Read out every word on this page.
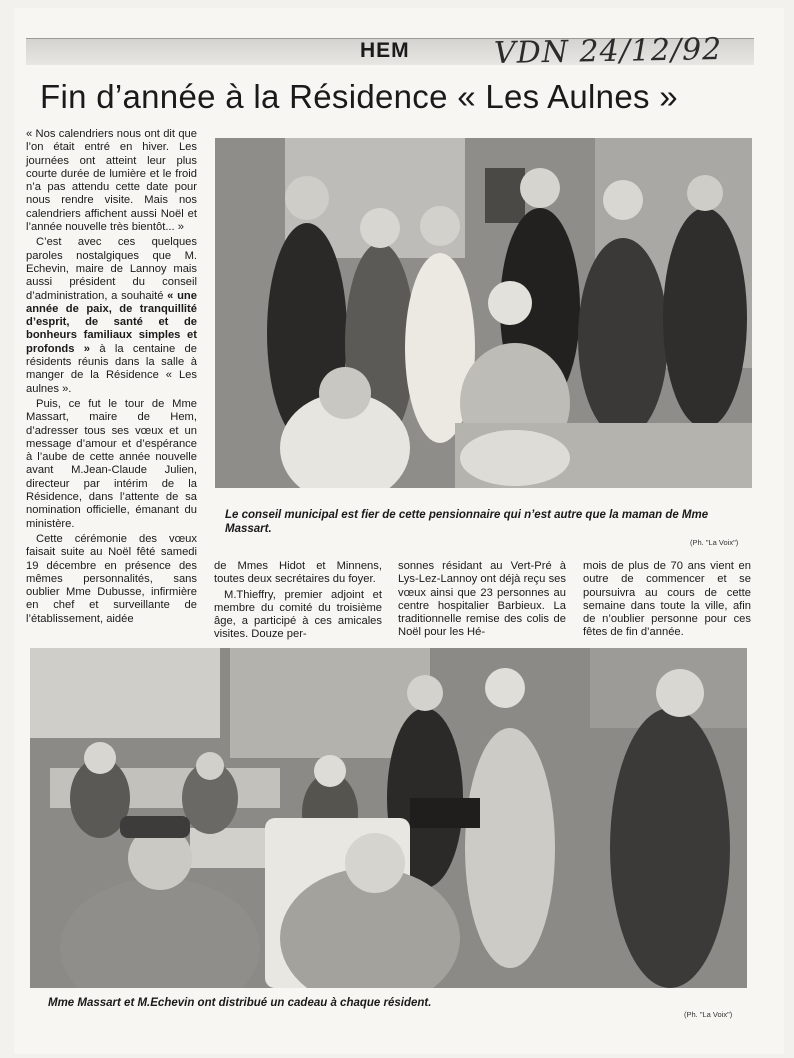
HEM	VDN 24/12/92
Fin d’année à la Résidence « Les Aulnes »

« Nos calendriers nous ont dit que l’on était entré en hiver. Les journées ont atteint leur plus courte durée de lumière et le froid n’a pas attendu cette date pour nous rendre visite. Mais nos calendriers affichent aussi Noël et l’année nouvelle très bientôt... »

C’est avec ces quelques paroles nostalgiques que M. Echevin, maire de Lannoy mais aussi président du conseil d’administration, a souhaité « une année de paix, de tranquillité d’esprit, de santé et de bonheurs familiaux simples et profonds » à la centaine de résidents réunis dans la salle à manger de la Résidence « Les aulnes ».

Puis, ce fut le tour de Mme Massart, maire de Hem, d’adresser tous ses vœux et un message d’amour et d’espérance à l’aube de cette année nouvelle avant M.Jean-Claude Julien, directeur par intérim de la Résidence, dans l’attente de sa nomination officielle, émanant du ministère.

Cette cérémonie des vœux faisait suite au Noël fêté samedi 19 décembre en présence des mêmes personnalités, sans oublier Mme Dubusse, infirmière en chef et surveillante de l’établissement, aidée

Le conseil municipal est fier de cette pensionnaire qui n’est autre que la maman de Mme Massart.
(Ph. "La Voix")

de Mmes Hidot et Minnens, toutes deux secrétaires du foyer.

M.Thieffry, premier adjoint et membre du comité du troisième âge, a participé à ces amicales visites. Douze per-

sonnes résidant au Vert-Pré à Lys-Lez-Lannoy ont déjà reçu ses vœux ainsi que 23 personnes au centre hospitalier Barbieux. La traditionnelle remise des colis de Noël pour les Hé-

mois de plus de 70 ans vient en outre de commencer et se poursuivra au cours de cette semaine dans toute la ville, afin de n’oublier personne pour ces fêtes de fin d’année.

Mme Massart et M.Echevin ont distribué un cadeau à chaque résident.
(Ph. "La Voix")
